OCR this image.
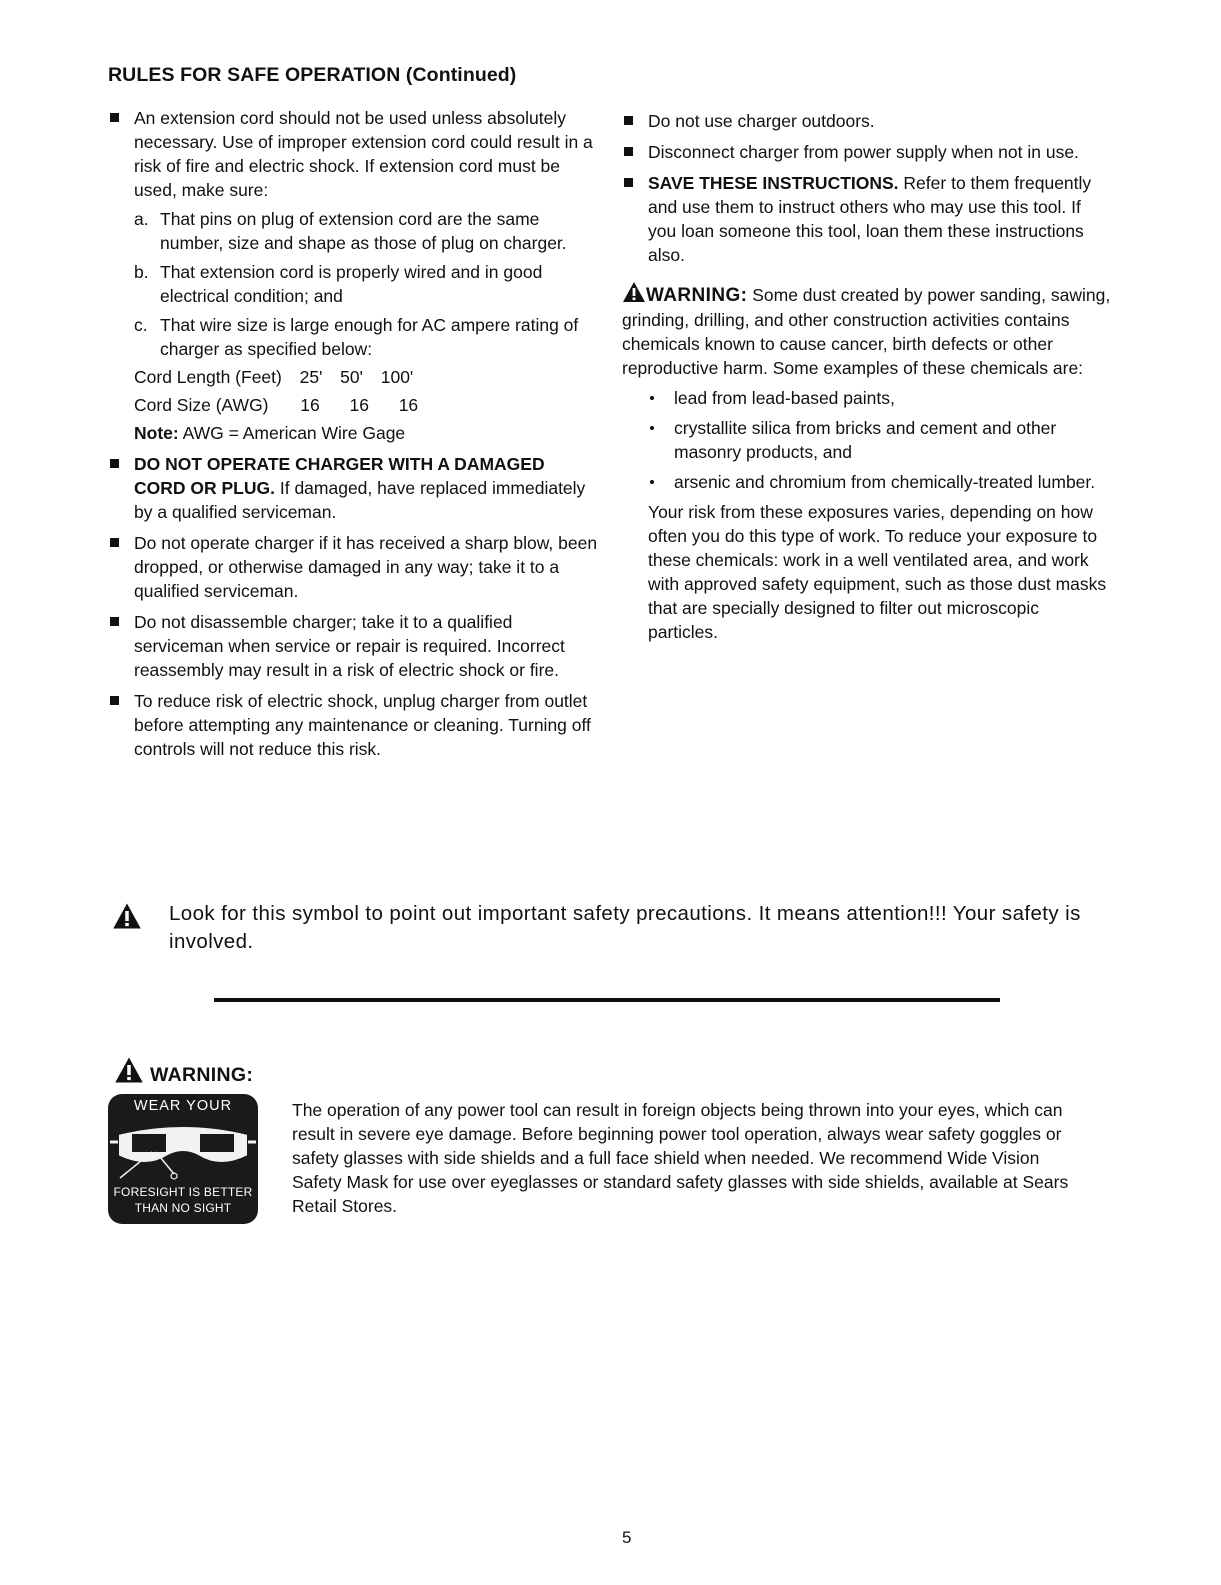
RULES FOR SAFE OPERATION (Continued)
An extension cord should not be used unless absolutely necessary. Use of improper extension cord could result in a risk of fire and electric shock. If extension cord must be used, make sure:
a. That pins on plug of extension cord are the same number, size and shape as those of plug on charger.
b. That extension cord is properly wired and in good electrical condition; and
c. That wire size is large enough for AC ampere rating of charger as specified below:
Cord Length (Feet) 25' 50' 100'
Cord Size (AWG) 16 16 16
Note: AWG = American Wire Gage
DO NOT OPERATE CHARGER WITH A DAMAGED CORD OR PLUG. If damaged, have replaced immediately by a qualified serviceman.
Do not operate charger if it has received a sharp blow, been dropped, or otherwise damaged in any way; take it to a qualified serviceman.
Do not disassemble charger; take it to a qualified serviceman when service or repair is required. Incorrect reassembly may result in a risk of electric shock or fire.
To reduce risk of electric shock, unplug charger from outlet before attempting any maintenance or cleaning. Turning off controls will not reduce this risk.
Do not use charger outdoors.
Disconnect charger from power supply when not in use.
SAVE THESE INSTRUCTIONS. Refer to them frequently and use them to instruct others who may use this tool. If you loan someone this tool, loan them these instructions also.
WARNING: Some dust created by power sanding, sawing, grinding, drilling, and other construction activities contains chemicals known to cause cancer, birth defects or other reproductive harm. Some examples of these chemicals are:
lead from lead-based paints,
crystallite silica from bricks and cement and other masonry products, and
arsenic and chromium from chemically-treated lumber.
Your risk from these exposures varies, depending on how often you do this type of work. To reduce your exposure to these chemicals: work in a well ventilated area, and work with approved safety equipment, such as those dust masks that are specially designed to filter out microscopic particles.
Look for this symbol to point out important safety precautions. It means attention!!! Your safety is involved.
WARNING:
WEAR YOUR
FORESIGHT IS BETTER
THAN NO SIGHT
The operation of any power tool can result in foreign objects being thrown into your eyes, which can result in severe eye damage. Before beginning power tool operation, always wear safety goggles or safety glasses with side shields and a full face shield when needed. We recommend Wide Vision Safety Mask for use over eyeglasses or standard safety glasses with side shields, available at Sears Retail Stores.
5
